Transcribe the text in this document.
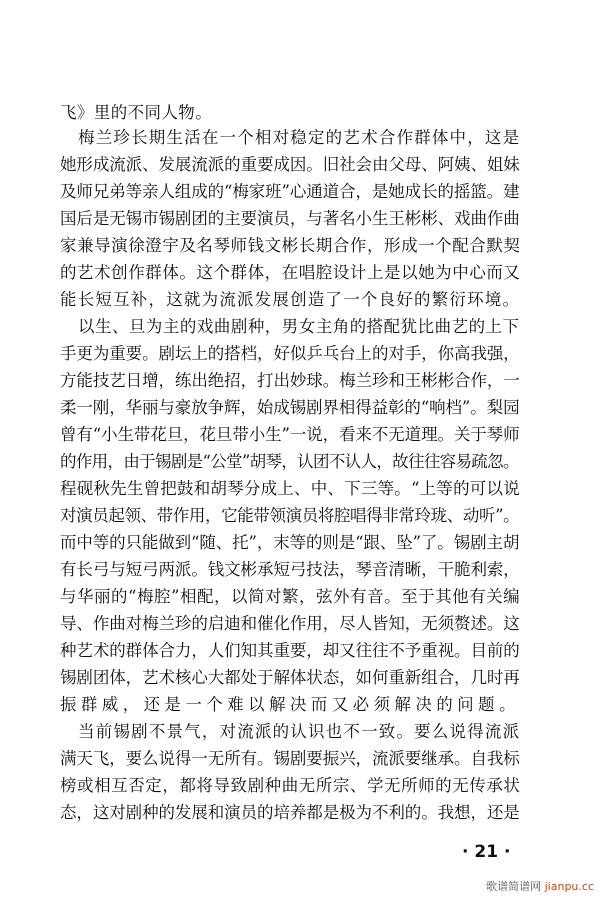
飞》里的不同人物。
梅兰珍长期生活在一个相对稳定的艺术合作群体中，这是
她形成流派、发展流派的重要成因。旧社会由父母、阿姨、姐妹
及师兄弟等亲人组成的“梅家班”心通道合，是她成长的摇篮。建
国后是无锡市锡剧团的主要演员，与著名小生王彬彬、戏曲作曲
家兼导演徐澄宇及名琴师钱文彬长期合作，形成一个配合默契
的艺术创作群体。这个群体，在唱腔设计上是以她为中心而又
能长短互补，这就为流派发展创造了一个良好的繁衍环境。
以生、旦为主的戏曲剧种，男女主角的搭配犹比曲艺的上下
手更为重要。剧坛上的搭档，好似乒乓台上的对手，你高我强，
方能技艺日增，练出绝招，打出妙球。梅兰珍和王彬彬合作，一
柔一刚，华丽与豪放争辉，始成锡剧界相得益彰的“响档”。梨园
曾有“小生带花旦，花旦带小生”一说，看来不无道理。关于琴师
的作用，由于锡剧是“公堂”胡琴，认团不认人，故往往容易疏忽。
程砚秋先生曾把鼓和胡琴分成上、中、下三等。“上等的可以说
对演员起领、带作用，它能带领演员将腔唱得非常玲珑、动听”。
而中等的只能做到“随、托”，末等的则是“跟、坠”了。锡剧主胡
有长弓与短弓两派。钱文彬承短弓技法，琴音清晰，干脆利索，
与华丽的“梅腔”相配，以简对繁，弦外有音。至于其他有关编
导、作曲对梅兰珍的启迪和催化作用，尽人皆知，无须赘述。这
种艺术的群体合力，人们知其重要，却又往往不予重视。目前的
锡剧团体，艺术核心大都处于解体状态，如何重新组合，几时再
振群威，还是一个难以解决而又必须解决的问题。
当前锡剧不景气，对流派的认识也不一致。要么说得流派
满天飞，要么说得一无所有。锡剧要振兴，流派要继承。自我标
榜或相互否定，都将导致剧种曲无所宗、学无所师的无传承状
态，这对剧种的发展和演员的培养都是极为不利的。我想，还是
· 21 ·
歌谱简谱网 jianpu.cc
